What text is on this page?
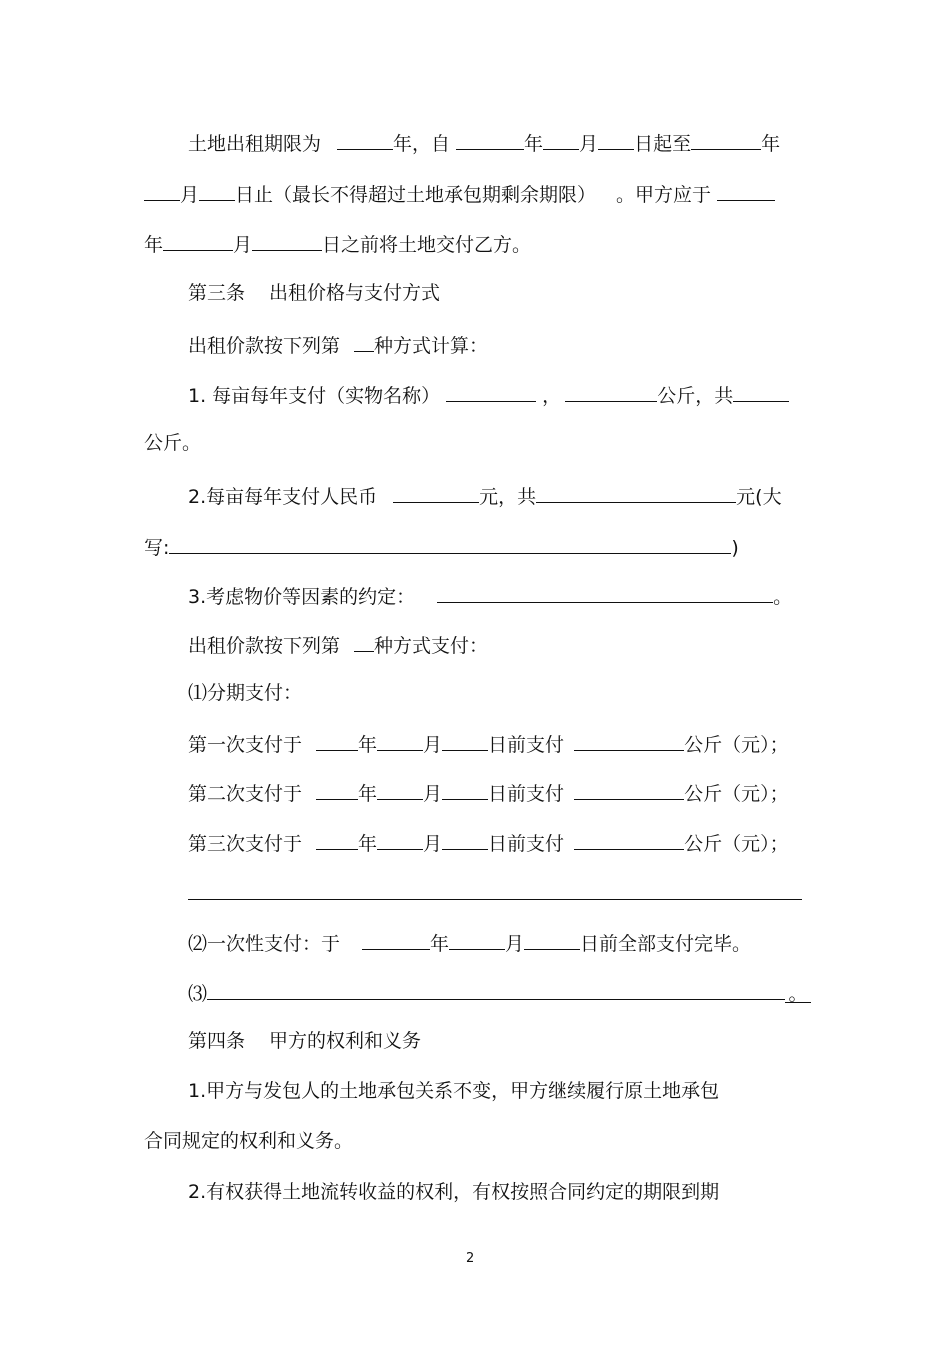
土地出租期限为	年，自	年 月 日起至	年
月 日止（最长不得超过土地承包期剩余期限） 。甲方应于
年	月	日之前将土地交付乙方。
第三条 出租价格与支付方式
出租价款按下列第 种方式计算：
1. 每亩每年支付（实物名称）	，	公斤，共
公斤。
2.每亩每年支付人民币	元，共	元(大
写:	)
3.考虑物价等因素的约定：	。
出租价款按下列第 种方式支付：
⑴分期支付：
第一次支付于	年 月 日前支付	公斤（元）；
第二次支付于	年 月 日前支付	公斤（元）；
第三次支付于	年 月 日前支付	公斤（元）；
⑵一次性支付：于	年	月	日前全部支付完毕。
⑶	。
第四条 甲方的权利和义务
1.甲方与发包人的土地承包关系不变，甲方继续履行原土地承包
合同规定的权利和义务。
2.有权获得土地流转收益的权利，有权按照合同约定的期限到期
2
